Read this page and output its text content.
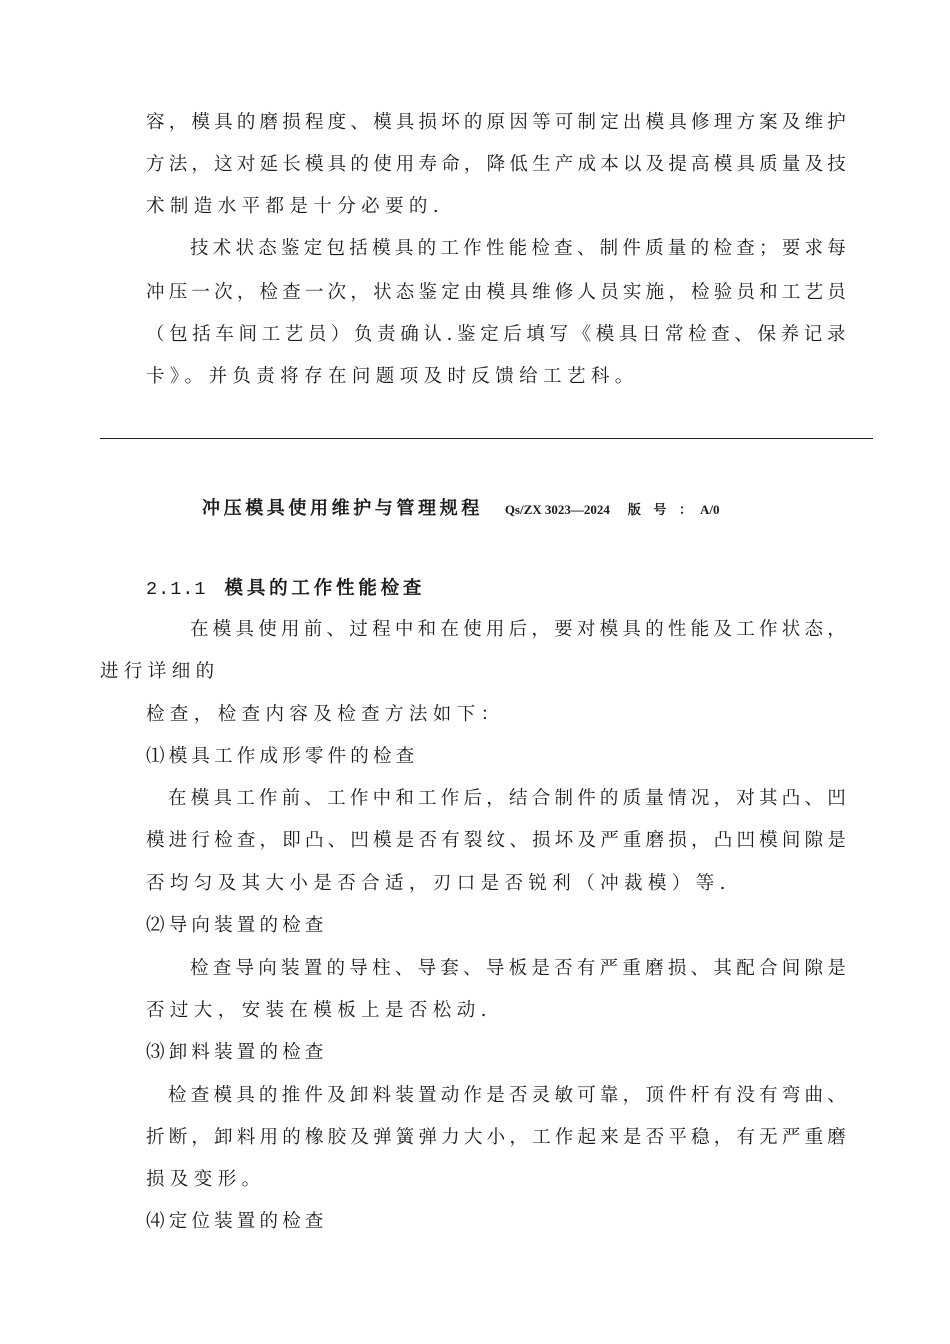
容，模具的磨损程度、模具损坏的原因等可制定出模具修理方案及维护
方法，这对延长模具的使用寿命，降低生产成本以及提高模具质量及技
术制造水平都是十分必要的.
技术状态鉴定包括模具的工作性能检查、制件质量的检查；要求每
冲压一次，检查一次，状态鉴定由模具维修人员实施，检验员和工艺员
（包括车间工艺员）负责确认.鉴定后填写《模具日常检查、保养记录
卡》。并负责将存在问题项及时反馈给工艺科。
冲压模具使用维护与管理规程 Qs/ZX 3023—2024 版 号 ： A/0
2.1.1 模具的工作性能检查
在模具使用前、过程中和在使用后，要对模具的性能及工作状态，
进行详细的
检查，检查内容及检查方法如下：
⑴模具工作成形零件的检查
在模具工作前、工作中和工作后，结合制件的质量情况，对其凸、凹
模进行检查，即凸、凹模是否有裂纹、损坏及严重磨损，凸凹模间隙是
否均匀及其大小是否合适，刃口是否锐利（冲裁模）等.
⑵导向装置的检查
检查导向装置的导柱、导套、导板是否有严重磨损、其配合间隙是
否过大，安装在模板上是否松动.
⑶卸料装置的检查
检查模具的推件及卸料装置动作是否灵敏可靠，顶件杆有没有弯曲、
折断，卸料用的橡胶及弹簧弹力大小，工作起来是否平稳，有无严重磨
损及变形。
⑷定位装置的检查
